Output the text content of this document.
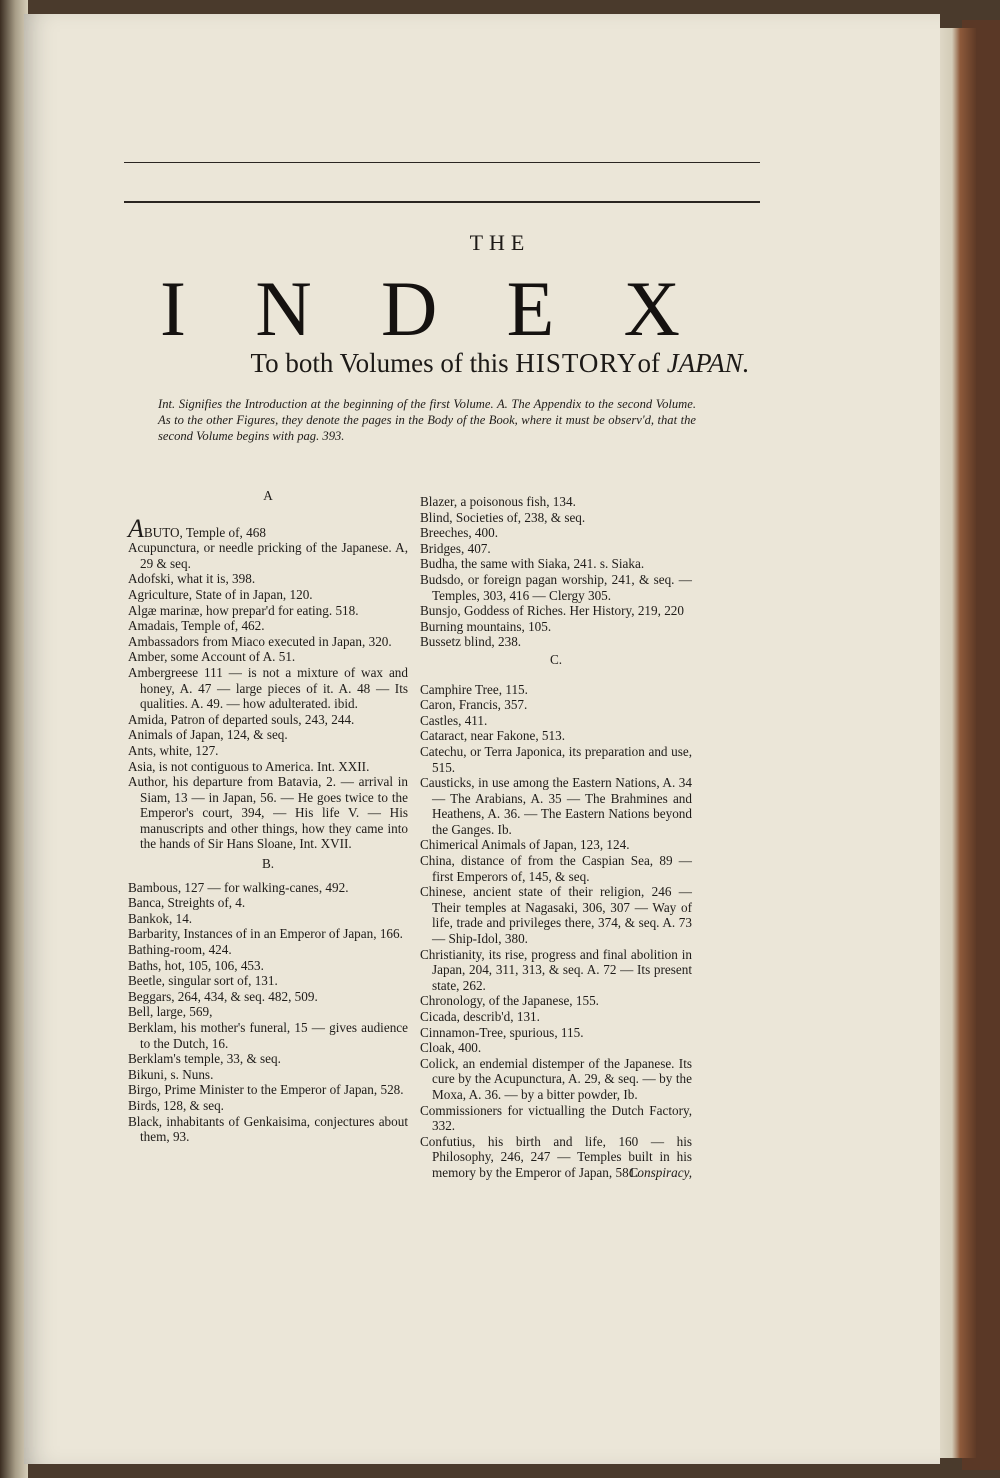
THE
I N D E X
To both Volumes of this HISTORYof JAPAN.
Int. Signifies the Introduction at the beginning of the first Volume. A. The Appendix to the second Volume. As to the other Figures, they denote the pages in the Body of the Book, where it must be observ'd, that the second Volume begins with pag. 393.
A

ABUTO, Temple of, 468

Acupunctura, or needle pricking of the Japanese. A, 29 & seq.

Adofski, what it is, 398.

Agriculture, State of in Japan, 120.

Algæ marinæ, how prepar'd for eating. 518.

Amadais, Temple of, 462.

Ambassadors from Miaco executed in Japan, 320.

Amber, some Account of A. 51.

Ambergreese 111 — is not a mixture of wax and honey, A. 47 — large pieces of it. A. 48 — Its qualities. A. 49. — how adulterated. ibid.

Amida, Patron of departed souls, 243, 244.

Animals of Japan, 124, & seq.

Ants, white, 127.

Asia, is not contiguous to America. Int. XXII.

Author, his departure from Batavia, 2. — arrival in Siam, 13 — in Japan, 56. — He goes twice to the Emperor's court, 394, — His life V. — His manuscripts and other things, how they came into the hands of Sir Hans Sloane, Int. XVII.

B.

Bambous, 127 — for walking-canes, 492.

Banca, Streights of, 4.

Bankok, 14.

Barbarity, Instances of in an Emperor of Japan, 166.

Bathing-room, 424.

Baths, hot, 105, 106, 453.

Beetle, singular sort of, 131.

Beggars, 264, 434, & seq. 482, 509.

Bell, large, 569,

Berklam, his mother's funeral, 15 — gives audience to the Dutch, 16.

Berklam's temple, 33, & seq.

Bikuni, s. Nuns.

Birgo, Prime Minister to the Emperor of Japan, 528.

Birds, 128, & seq.

Black, inhabitants of Genkaisima, conjectures about them, 93.

Blazer, a poisonous fish, 134.

Blind, Societies of, 238, & seq.

Breeches, 400.

Bridges, 407.

Budha, the same with Siaka, 241. s. Siaka.

Budsdo, or foreign pagan worship, 241, & seq. — Temples, 303, 416 — Clergy 305.

Bunsjo, Goddess of Riches. Her History, 219, 220

Burning mountains, 105.

Bussetz blind, 238.

C.

Camphire Tree, 115.

Caron, Francis, 357.

Castles, 411.

Cataract, near Fakone, 513.

Catechu, or Terra Japonica, its preparation and use, 515.

Causticks, in use among the Eastern Nations, A. 34 — The Arabians, A. 35 — The Brahmines and Heathens, A. 36. — The Eastern Nations beyond the Ganges. Ib.

Chimerical Animals of Japan, 123, 124.

China, distance of from the Caspian Sea, 89 — first Emperors of, 145, & seq.

Chinese, ancient state of their religion, 246 — Their temples at Nagasaki, 306, 307 — Way of life, trade and privileges there, 374, & seq. A. 73 — Ship-Idol, 380.

Christianity, its rise, progress and final abolition in Japan, 204, 311, 313, & seq. A. 72 — Its present state, 262.

Chronology, of the Japanese, 155.

Cicada, describ'd, 131.

Cinnamon-Tree, spurious, 115.

Cloak, 400.

Colick, an endemial distemper of the Japanese. Its cure by the Acupunctura, A. 29, & seq. — by the Moxa, A. 36. — by a bitter powder, Ib.

Commissioners for victualling the Dutch Factory, 332.

Confutius, his birth and life, 160 — his Philosophy, 246, 247 — Temples built in his memory by the Emperor of Japan, 581.

Conspiracy,
